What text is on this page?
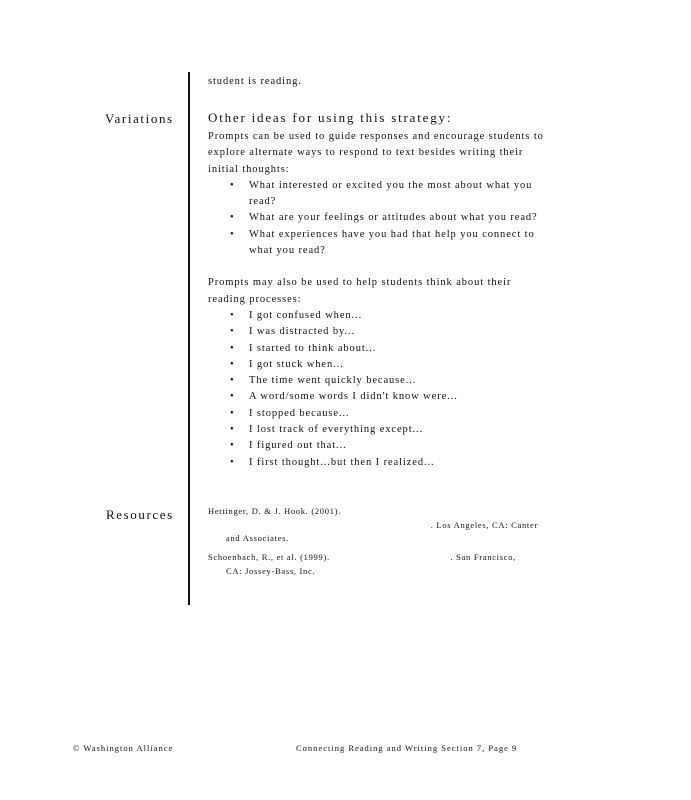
student is reading.

Variations	Other ideas for using this strategy:

Prompts can be used to guide responses and encourage students to explore alternate ways to respond to text besides writing their initial thoughts:

• What interested or excited you the most about what you read?
• What are your feelings or attitudes about what you read?
• What experiences have you had that help you connect to what you read?

Prompts may also be used to help students think about their reading processes:

• I got confused when...
• I was distracted by...
• I started to think about...
• I got stuck when...
• The time went quickly because...
• A word/some words I didn't know were...
• I stopped because...
• I lost track of everything except...
• I figured out that...
• I first thought...but then I realized...
Resources	Hettinger, D. & J. Hook. (2001).
. Los Angeles, CA: Canter
and Associates.
Schoenbach, R., et al. (1999).	. San Francisco,
CA: Jossey-Bass, Inc.
© Washington Alliance	Connecting Reading and Writing Section 7, Page 9
